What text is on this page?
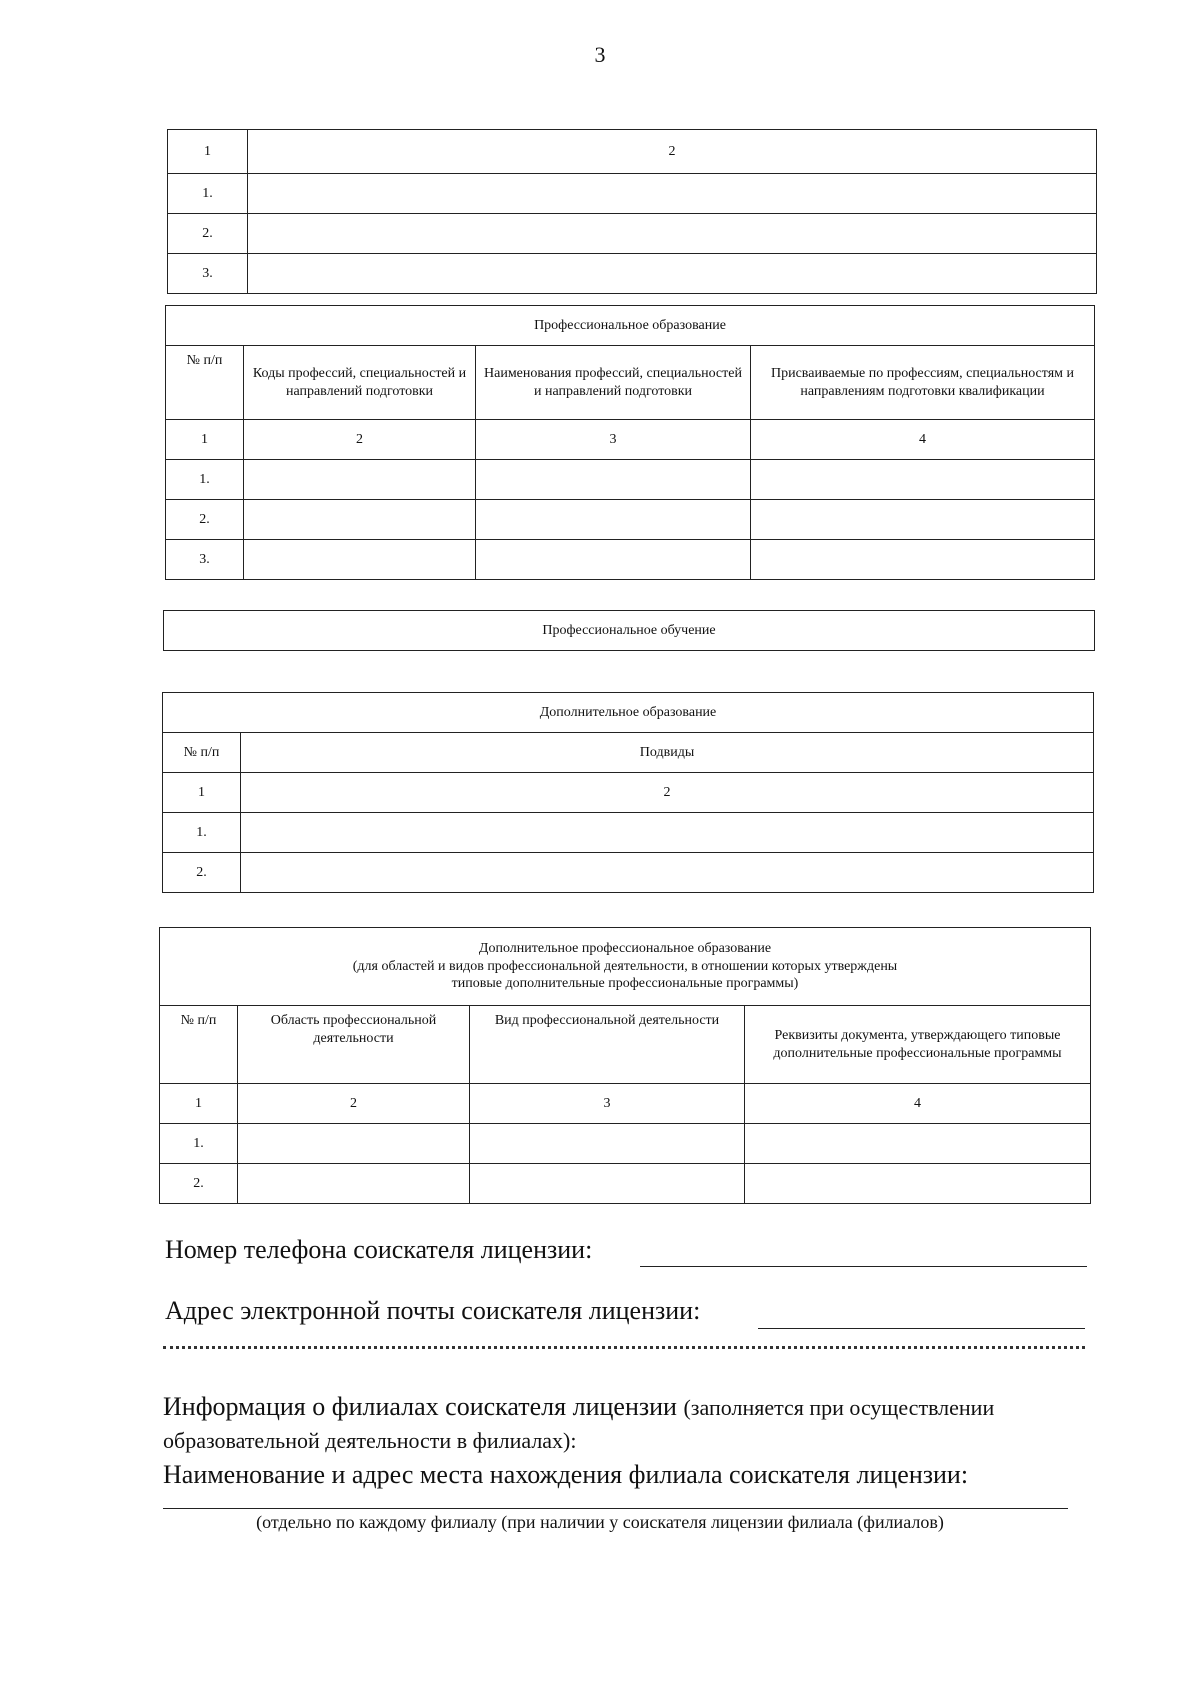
3
1	2
1.	
2.	
3.	
Профессиональное образование			
№ п/п	Коды профессий, специальностей и направлений подготовки	Наименования профессий, специальностей и направлений подготовки	Присваиваемые по профессиям, специальностям и направлениям подготовки квалификации
1	2	3	4
1.			
2.			
3.			
Профессиональное обучение
Дополнительное образование	
№ п/п	Подвиды
1	2
1.	
2.	
Дополнительное профессиональное образование
(для областей и видов профессиональной деятельности, в отношении которых утверждены
типовые дополнительные профессиональные программы)			

№ п/п	Область профессиональной деятельности	Вид профессиональной деятельности	Реквизиты документа, утверждающего типовые дополнительные профессиональные программы
1	2	3	4
1.			
2.			
Номер телефона соискателя лицензии:
Адрес электронной почты соискателя лицензии:
Информация о филиалах соискателя лицензии (заполняется при осуществлении
образовательной деятельности в филиалах):
Наименование и адрес места нахождения филиала соискателя лицензии:
(отдельно по каждому филиалу (при наличии у соискателя лицензии филиала (филиалов)
